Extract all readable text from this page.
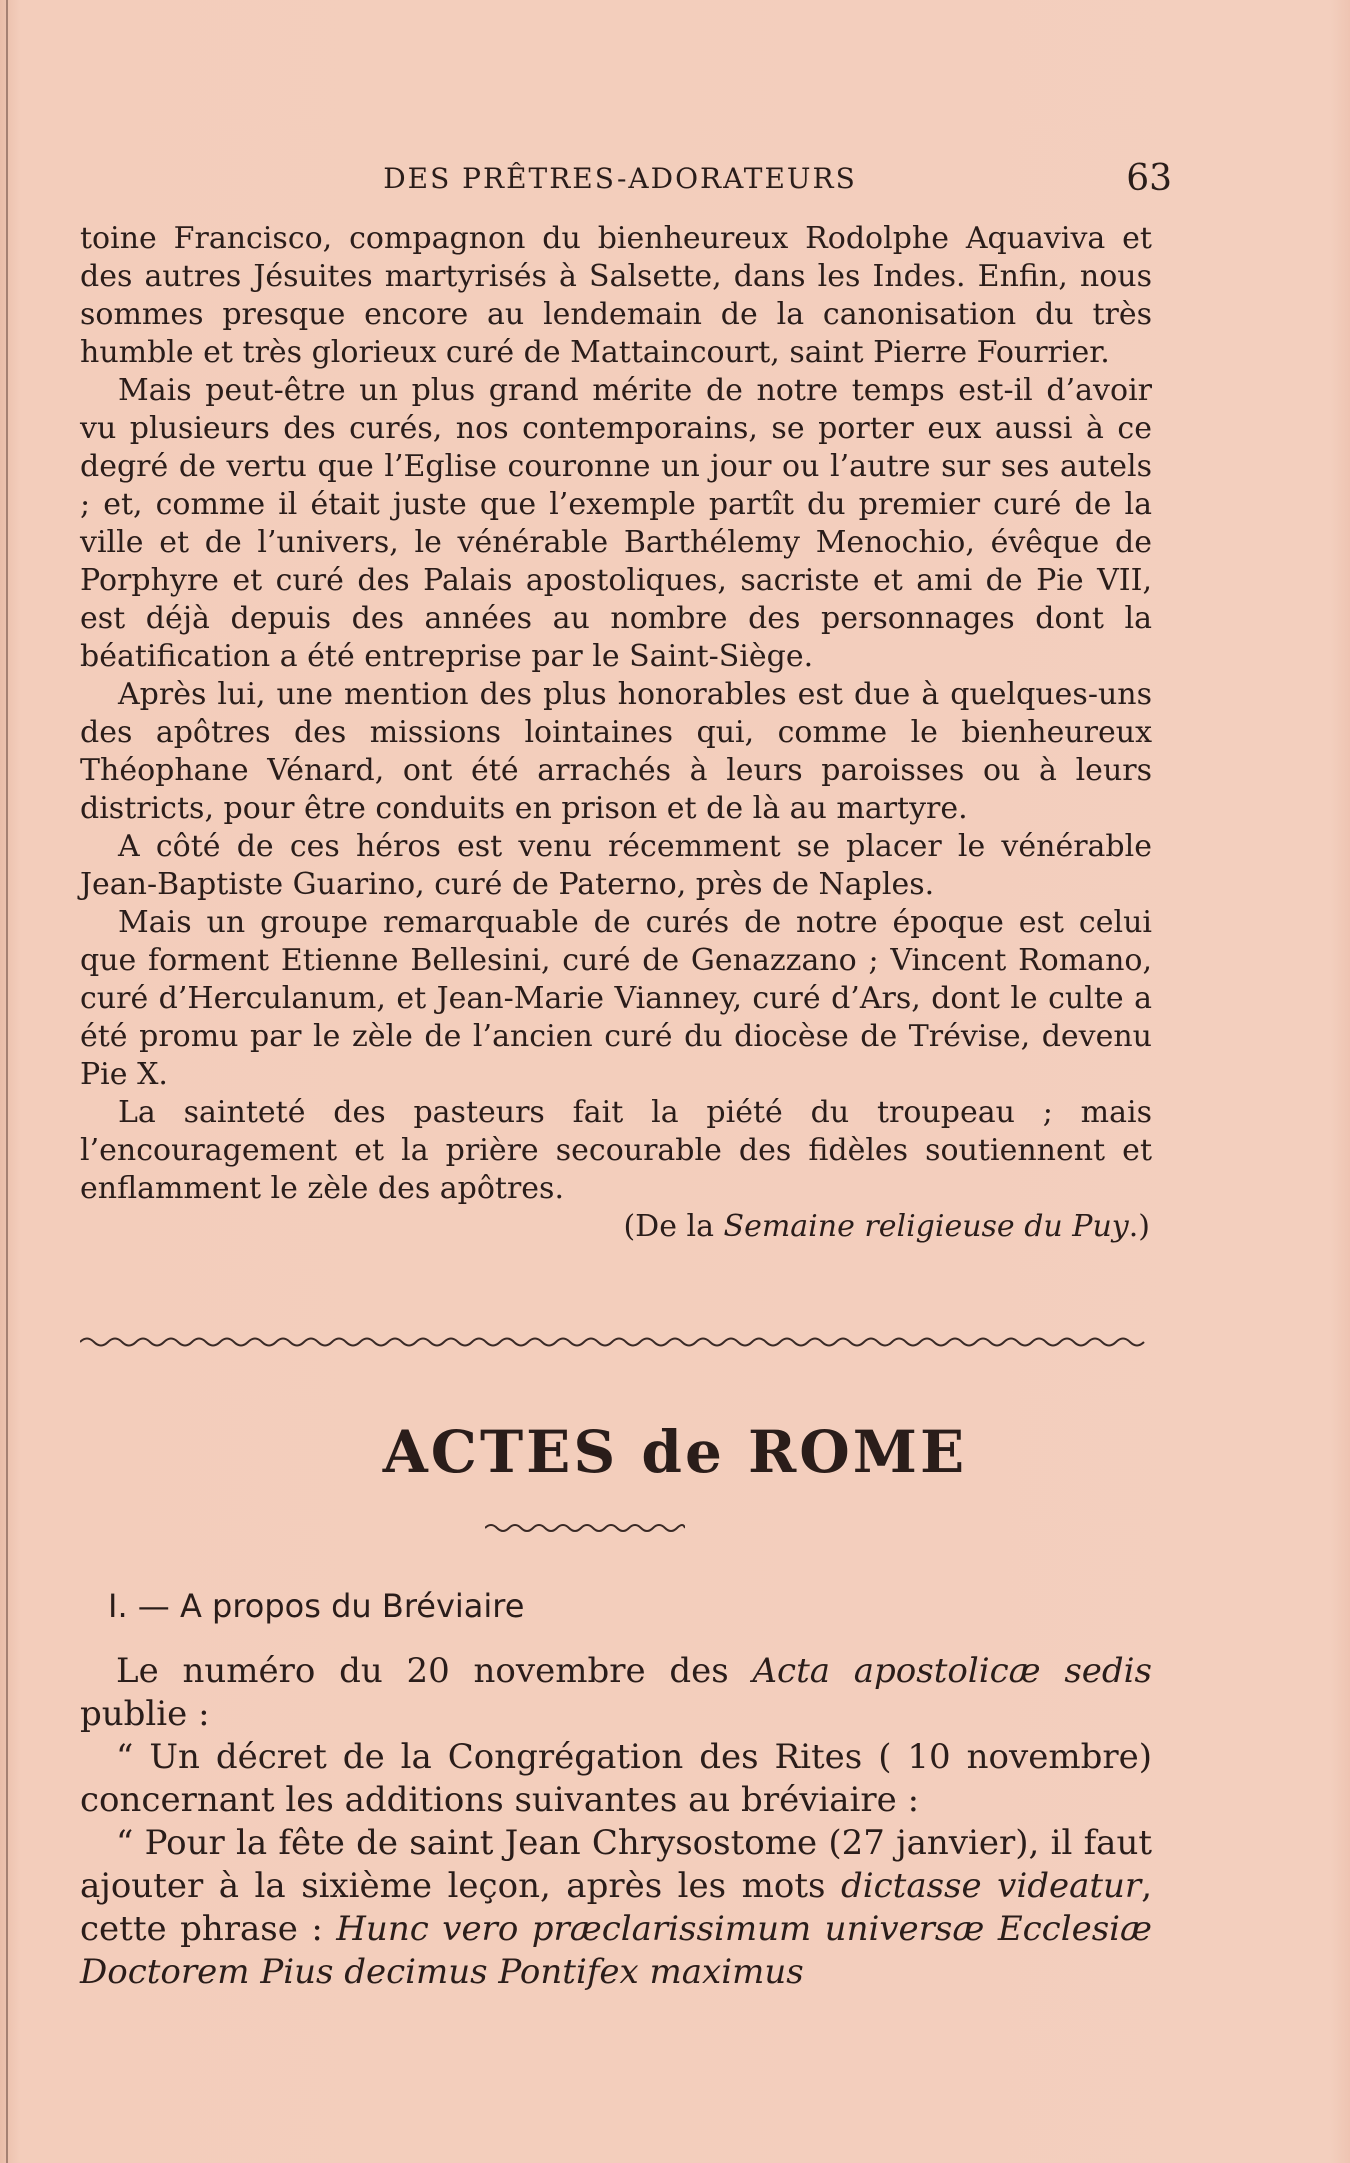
DES PRÊTRES-ADORATEURS	63

toine Francisco, compagnon du bienheureux Rodolphe Aquaviva et des autres Jésuites martyrisés à Salsette, dans les Indes. Enfin, nous sommes presque encore au lendemain de la canonisation du très humble et très glorieux curé de Mattaincourt, saint Pierre Fourrier.

Mais peut-être un plus grand mérite de notre temps est-il d’avoir vu plusieurs des curés, nos contemporains, se porter eux aussi à ce degré de vertu que l’Eglise couronne un jour ou l’autre sur ses autels ; et, comme il était juste que l’exemple partît du premier curé de la ville et de l’univers, le vénérable Barthélemy Menochio, évêque de Porphyre et curé des Palais apostoliques, sacriste et ami de Pie VII, est déjà depuis des années au nombre des personnages dont la béatification a été entreprise par le Saint-Siège.

Après lui, une mention des plus honorables est due à quelques-uns des apôtres des missions lointaines qui, comme le bienheureux Théophane Vénard, ont été arrachés à leurs paroisses ou à leurs districts, pour être conduits en prison et de là au martyre.

A côté de ces héros est venu récemment se placer le vénérable Jean-Baptiste Guarino, curé de Paterno, près de Naples.

Mais un groupe remarquable de curés de notre époque est celui que forment Etienne Bellesini, curé de Genazzano ; Vincent Romano, curé d’Herculanum, et Jean-Marie Vianney, curé d’Ars, dont le culte a été promu par le zèle de l’ancien curé du diocèse de Trévise, devenu Pie X.

La sainteté des pasteurs fait la piété du troupeau ; mais l’encouragement et la prière secourable des fidèles soutiennent et enflamment le zèle des apôtres.

(De la Semaine religieuse du Puy.)

ACTES de ROME

I. — A propos du Bréviaire

Le numéro du 20 novembre des Acta apostolicæ sedis publie :

“ Un décret de la Congrégation des Rites ( 10 novembre) concernant les additions suivantes au bréviaire :

“ Pour la fête de saint Jean Chrysostome (27 janvier), il faut ajouter à la sixième leçon, après les mots dictasse videatur, cette phrase : Hunc vero præclarissimum universæ Ecclesiæ Doctorem Pius decimus Pontifex maximus
